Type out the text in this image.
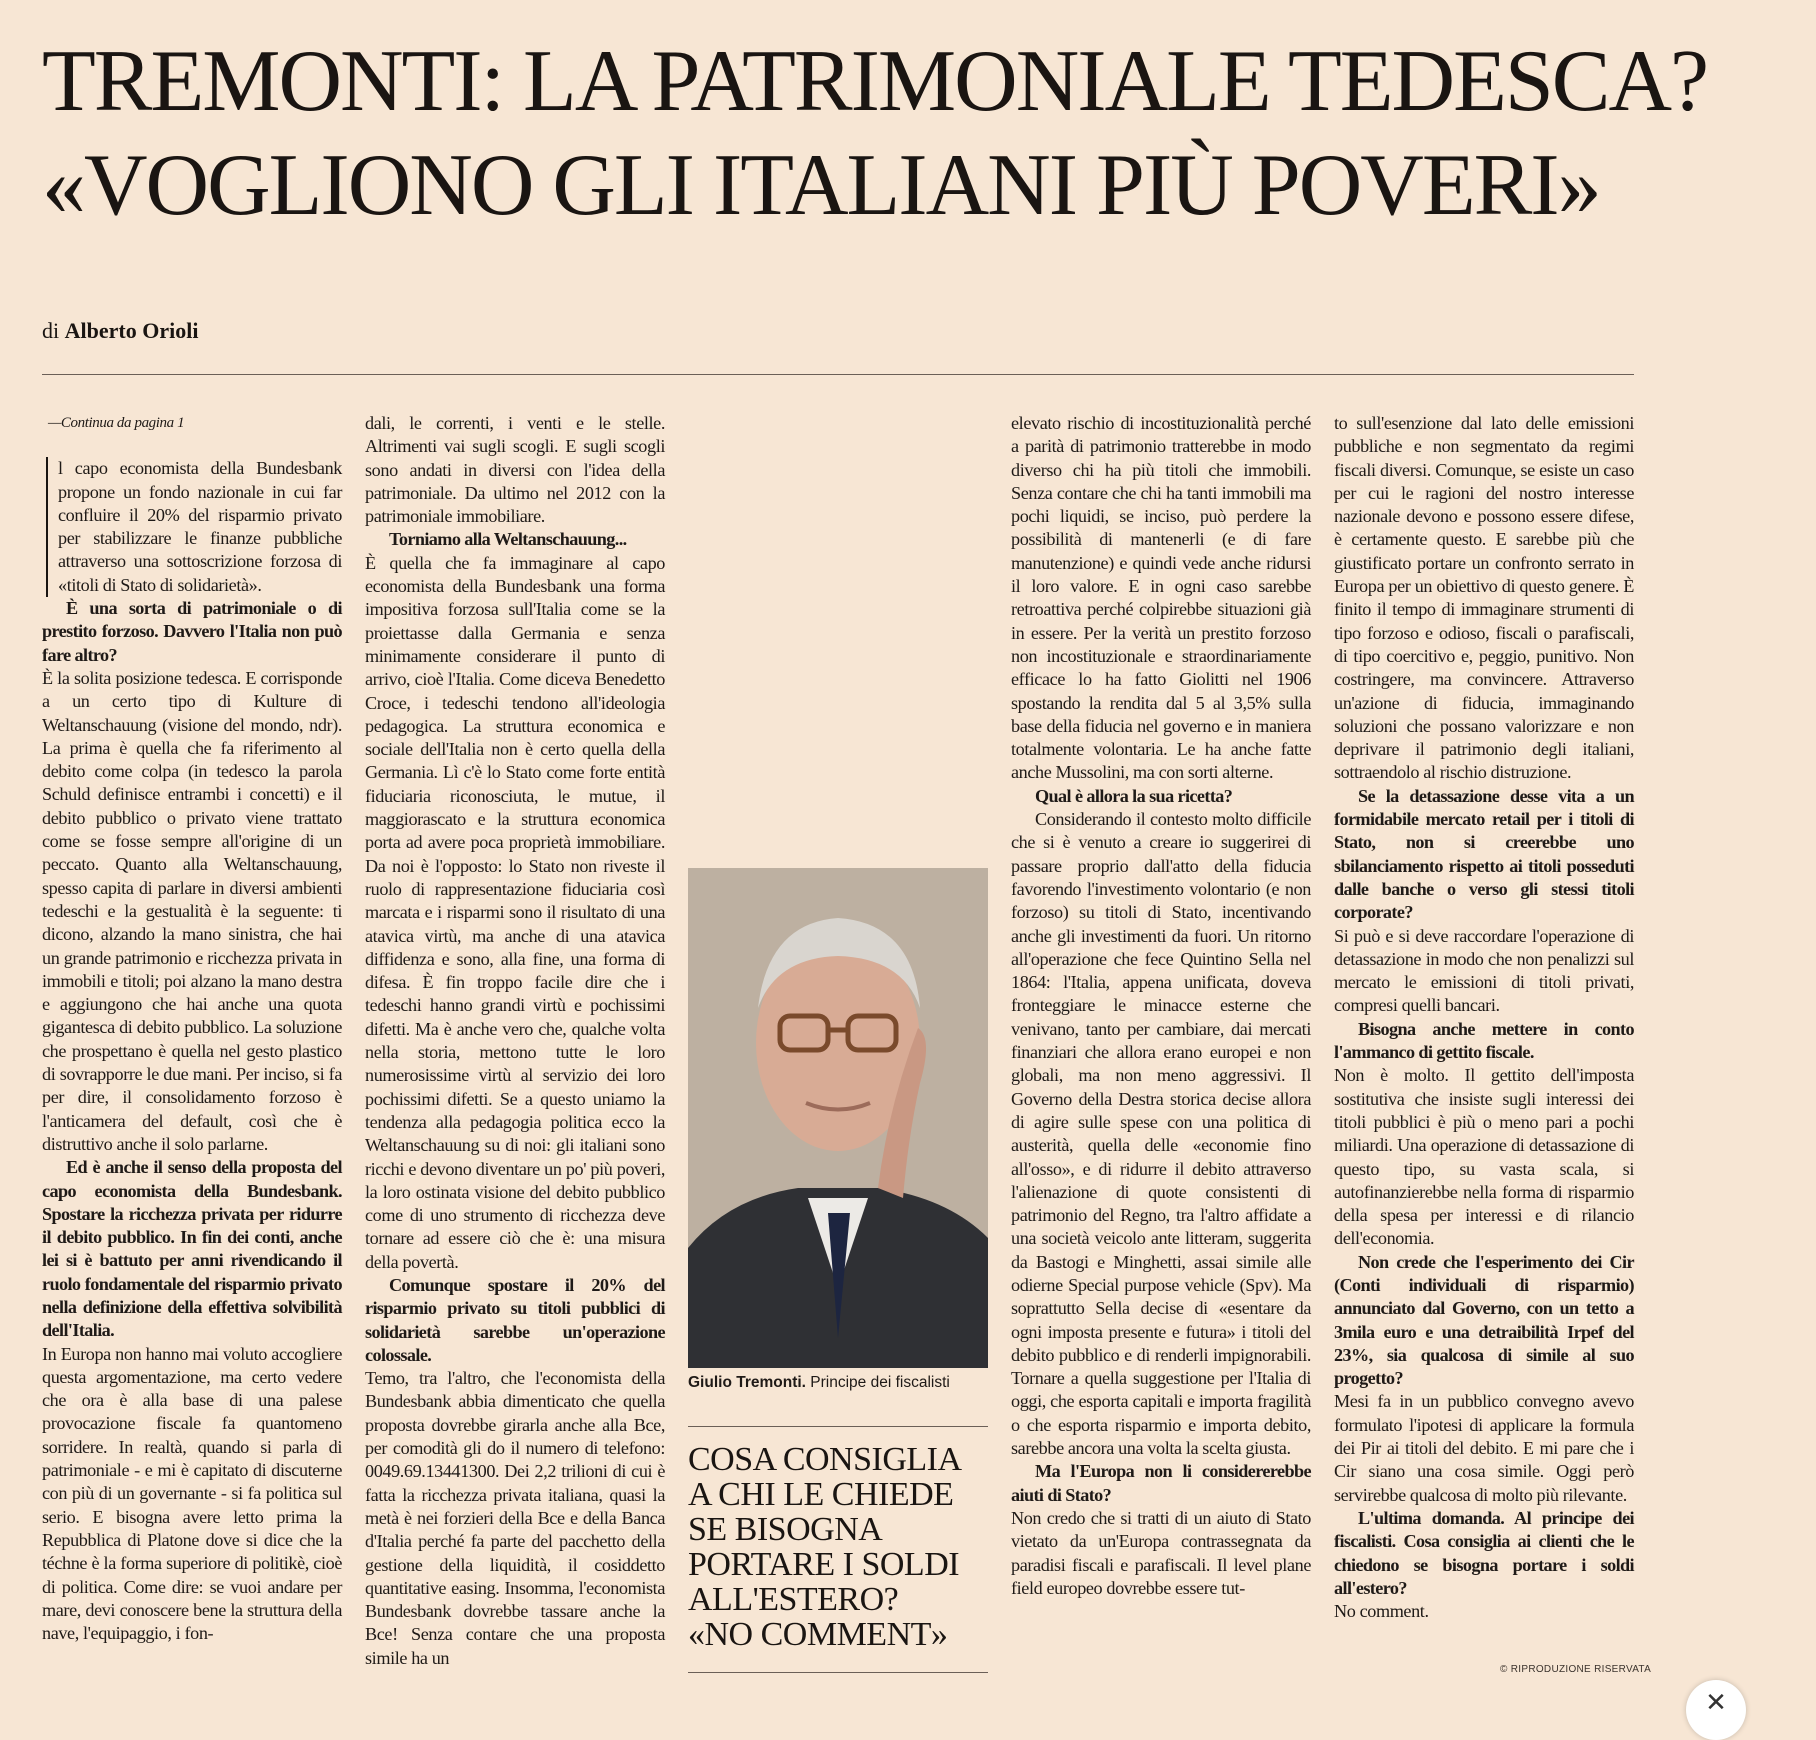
TREMONTI: LA PATRIMONIALE TEDESCA?
«VOGLIONO GLI ITALIANI PIÙ POVERI»
di Alberto Orioli

—Continua da pagina 1

l capo economista della Bundesbank propone un fondo nazionale in cui far confluire il 20% del risparmio privato per stabilizzare le finanze pubbliche attraverso una sottoscrizione forzosa di «titoli di Stato di solidarietà».

È una sorta di patrimoniale o di prestito forzoso. Davvero l'Italia non può fare altro?

È la solita posizione tedesca. E corrisponde a un certo tipo di Kulture di Weltanschauung (visione del mondo, ndr). La prima è quella che fa riferimento al debito come colpa (in tedesco la parola Schuld definisce entrambi i concetti) e il debito pubblico o privato viene trattato come se fosse sempre all'origine di un peccato. Quanto alla Weltanschauung, spesso capita di parlare in diversi ambienti tedeschi e la gestualità è la seguente: ti dicono, alzando la mano sinistra, che hai un grande patrimonio e ricchezza privata in immobili e titoli; poi alzano la mano destra e aggiungono che hai anche una quota gigantesca di debito pubblico. La soluzione che prospettano è quella nel gesto plastico di sovrapporre le due mani. Per inciso, si fa per dire, il consolidamento forzoso è l'anticamera del default, così che è distruttivo anche il solo parlarne.

Ed è anche il senso della proposta del capo economista della Bundesbank. Spostare la ricchezza privata per ridurre il debito pubblico. In fin dei conti, anche lei si è battuto per anni rivendicando il ruolo fondamentale del risparmio privato nella definizione della effettiva solvibilità dell'Italia.

In Europa non hanno mai voluto accogliere questa argomentazione, ma certo vedere che ora è alla base di una palese provocazione fiscale fa quantomeno sorridere. In realtà, quando si parla di patrimoniale - e mi è capitato di discuterne con più di un governante - si fa politica sul serio. E bisogna avere letto prima la Repubblica di Platone dove si dice che la téchne è la forma superiore di politikè, cioè di politica. Come dire: se vuoi andare per mare, devi conoscere bene la struttura della nave, l'equipaggio, i fon-

dali, le correnti, i venti e le stelle. Altrimenti vai sugli scogli. E sugli scogli sono andati in diversi con l'idea della patrimoniale. Da ultimo nel 2012 con la patrimoniale immobiliare.

Torniamo alla Weltanschauung...

È quella che fa immaginare al capo economista della Bundesbank una forma impositiva forzosa sull'Italia come se la proiettasse dalla Germania e senza minimamente considerare il punto di arrivo, cioè l'Italia. Come diceva Benedetto Croce, i tedeschi tendono all'ideologia pedagogica. La struttura economica e sociale dell'Italia non è certo quella della Germania. Lì c'è lo Stato come forte entità fiduciaria riconosciuta, le mutue, il maggiorascato e la struttura economica porta ad avere poca proprietà immobiliare. Da noi è l'opposto: lo Stato non riveste il ruolo di rappresentazione fiduciaria così marcata e i risparmi sono il risultato di una atavica virtù, ma anche di una atavica diffidenza e sono, alla fine, una forma di difesa. È fin troppo facile dire che i tedeschi hanno grandi virtù e pochissimi difetti. Ma è anche vero che, qualche volta nella storia, mettono tutte le loro numerosissime virtù al servizio dei loro pochissimi difetti. Se a questo uniamo la tendenza alla pedagogia politica ecco la Weltanschauung su di noi: gli italiani sono ricchi e devono diventare un po' più poveri, la loro ostinata visione del debito pubblico come di uno strumento di ricchezza deve tornare ad essere ciò che è: una misura della povertà.

Comunque spostare il 20% del risparmio privato su titoli pubblici di solidarietà sarebbe un'operazione colossale.

Temo, tra l'altro, che l'economista della Bundesbank abbia dimenticato che quella proposta dovrebbe girarla anche alla Bce, per comodità gli do il numero di telefono: 0049.69.13441300. Dei 2,2 trilioni di cui è fatta la ricchezza privata italiana, quasi la metà è nei forzieri della Bce e della Banca d'Italia perché fa parte del pacchetto della gestione della liquidità, il cosiddetto quantitative easing. Insomma, l'economista Bundesbank dovrebbe tassare anche la Bce! Senza contare che una proposta simile ha un

Giulio Tremonti. Principe dei fiscalisti
COSA CONSIGLIA
A CHI LE CHIEDE
SE BISOGNA
PORTARE I SOLDI
ALL'ESTERO?
«NO COMMENT»

elevato rischio di incostituzionalità perché a parità di patrimonio tratterebbe in modo diverso chi ha più titoli che immobili. Senza contare che chi ha tanti immobili ma pochi liquidi, se inciso, può perdere la possibilità di mantenerli (e di fare manutenzione) e quindi vede anche ridursi il loro valore. E in ogni caso sarebbe retroattiva perché colpirebbe situazioni già in essere. Per la verità un prestito forzoso non incostituzionale e straordinariamente efficace lo ha fatto Giolitti nel 1906 spostando la rendita dal 5 al 3,5% sulla base della fiducia nel governo e in maniera totalmente volontaria. Le ha anche fatte anche Mussolini, ma con sorti alterne.

Qual è allora la sua ricetta?

Considerando il contesto molto difficile che si è venuto a creare io suggerirei di passare proprio dall'atto della fiducia favorendo l'investimento volontario (e non forzoso) su titoli di Stato, incentivando anche gli investimenti da fuori. Un ritorno all'operazione che fece Quintino Sella nel 1864: l'Italia, appena unificata, doveva fronteggiare le minacce esterne che venivano, tanto per cambiare, dai mercati finanziari che allora erano europei e non globali, ma non meno aggressivi. Il Governo della Destra storica decise allora di agire sulle spese con una politica di austerità, quella delle «economie fino all'osso», e di ridurre il debito attraverso l'alienazione di quote consistenti di patrimonio del Regno, tra l'altro affidate a una società veicolo ante litteram, suggerita da Bastogi e Minghetti, assai simile alle odierne Special purpose vehicle (Spv). Ma soprattutto Sella decise di «esentare da ogni imposta presente e futura» i titoli del debito pubblico e di renderli impignorabili. Tornare a quella suggestione per l'Italia di oggi, che esporta capitali e importa fragilità o che esporta risparmio e importa debito, sarebbe ancora una volta la scelta giusta.

Ma l'Europa non li considererebbe aiuti di Stato?

Non credo che si tratti di un aiuto di Stato vietato da un'Europa contrassegnata da paradisi fiscali e parafiscali. Il level plane field europeo dovrebbe essere tut-

to sull'esenzione dal lato delle emissioni pubbliche e non segmentato da regimi fiscali diversi. Comunque, se esiste un caso per cui le ragioni del nostro interesse nazionale devono e possono essere difese, è certamente questo. E sarebbe più che giustificato portare un confronto serrato in Europa per un obiettivo di questo genere. È finito il tempo di immaginare strumenti di tipo forzoso e odioso, fiscali o parafiscali, di tipo coercitivo e, peggio, punitivo. Non costringere, ma convincere. Attraverso un'azione di fiducia, immaginando soluzioni che possano valorizzare e non deprivare il patrimonio degli italiani, sottraendolo al rischio distruzione.

Se la detassazione desse vita a un formidabile mercato retail per i titoli di Stato, non si creerebbe uno sbilanciamento rispetto ai titoli posseduti dalle banche o verso gli stessi titoli corporate?

Si può e si deve raccordare l'operazione di detassazione in modo che non penalizzi sul mercato le emissioni di titoli privati, compresi quelli bancari.

Bisogna anche mettere in conto l'ammanco di gettito fiscale.

Non è molto. Il gettito dell'imposta sostitutiva che insiste sugli interessi dei titoli pubblici è più o meno pari a pochi miliardi. Una operazione di detassazione di questo tipo, su vasta scala, si autofinanzierebbe nella forma di risparmio della spesa per interessi e di rilancio dell'economia.

Non crede che l'esperimento dei Cir (Conti individuali di risparmio) annunciato dal Governo, con un tetto a 3mila euro e una detraibilità Irpef del 23%, sia qualcosa di simile al suo progetto?

Mesi fa in un pubblico convegno avevo formulato l'ipotesi di applicare la formula dei Pir ai titoli del debito. E mi pare che i Cir siano una cosa simile. Oggi però servirebbe qualcosa di molto più rilevante.

L'ultima domanda. Al principe dei fiscalisti. Cosa consiglia ai clienti che le chiedono se bisogna portare i soldi all'estero?

No comment.

© RIPRODUZIONE RISERVATA
✕
